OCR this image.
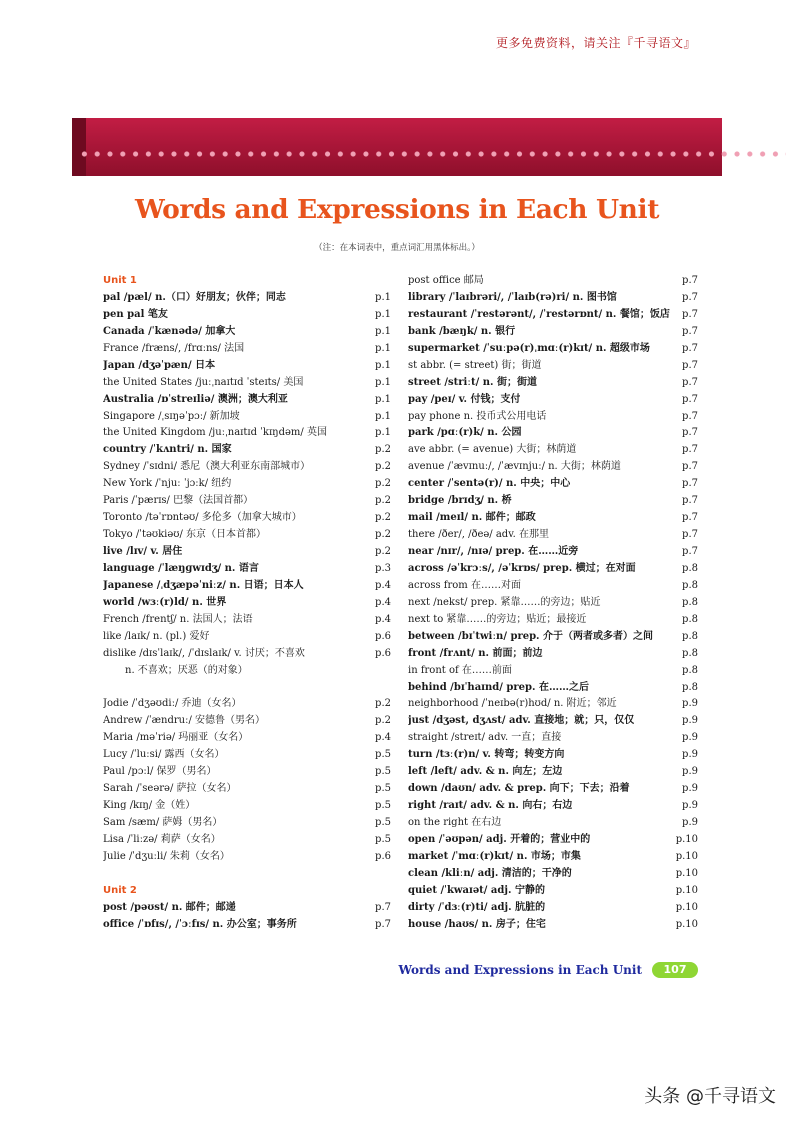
更多免费资料，请关注『千寻语文』
Words and Expressions in Each Unit
（注：在本词表中，重点词汇用黑体标出。）
Unit 1
pal /pæl/ n.（口）好朋友；伙伴；同志	p.1
pen pal 笔友	p.1
Canada /ˈkænədə/ 加拿大	p.1
France /fræns/, /frɑːns/ 法国	p.1
Japan /dʒəˈpæn/ 日本	p.1
the United States /juːˌnaɪtɪd ˈsteɪts/ 美国	p.1
Australia /ɒˈstreɪliə/ 澳洲；澳大利亚	p.1
Singapore /ˌsɪŋəˈpɔː/ 新加坡	p.1
the United Kingdom /juːˌnaɪtɪd ˈkɪŋdəm/ 英国	p.1
country /ˈkʌntri/ n. 国家	p.2
Sydney /ˈsɪdni/ 悉尼（澳大利亚东南部城市）	p.2
New York /ˈnjuː ˈjɔːk/ 纽约	p.2
Paris /ˈpærɪs/ 巴黎（法国首都）	p.2
Toronto /təˈrɒntəʊ/ 多伦多（加拿大城市）	p.2
Tokyo /ˈtəʊkiəʊ/ 东京（日本首都）	p.2
live /lɪv/ v. 居住	p.2
language /ˈlæŋɡwɪdʒ/ n. 语言	p.3
Japanese /ˌdʒæpəˈniːz/ n. 日语；日本人	p.4
world /wɜː(r)ld/ n. 世界	p.4
French /frentʃ/ n. 法国人；法语	p.4
like /laɪk/ n. (pl.) 爱好	p.6
dislike /dɪsˈlaɪk/, /ˈdɪslaɪk/ v. 讨厌；不喜欢	p.6
n. 不喜欢；厌恶（的对象）
Jodie /ˈdʒəʊdiː/ 乔迪（女名）	p.2
Andrew /ˈændruː/ 安德鲁（男名）	p.2
Maria /məˈriə/ 玛丽亚（女名）	p.4
Lucy /ˈluːsi/ 露西（女名）	p.5
Paul /pɔːl/ 保罗（男名）	p.5
Sarah /ˈseərə/ 萨拉（女名）	p.5
King /kɪŋ/ 金（姓）	p.5
Sam /sæm/ 萨姆（男名）	p.5
Lisa /ˈliːzə/ 莉萨（女名）	p.5
Julie /ˈdʒuːli/ 朱莉（女名）	p.6
Unit 2
post /pəʊst/ n. 邮件；邮递	p.7
office /ˈɒfɪs/, /ˈɔːfɪs/ n. 办公室；事务所	p.7
post office 邮局	p.7
library /ˈlaɪbrəri/, /ˈlaɪb(rə)ri/ n. 图书馆	p.7
restaurant /ˈrestərənt/, /ˈrestərɒnt/ n. 餐馆；饭店 p.7
bank /bæŋk/ n. 银行	p.7
supermarket /ˈsuːpə(r)ˌmɑː(r)kɪt/ n. 超级市场	p.7
st abbr. (= street) 街；街道	p.7
street /striːt/ n. 街；街道	p.7
pay /peɪ/ v. 付钱；支付	p.7
pay phone n. 投币式公用电话	p.7
park /pɑː(r)k/ n. 公园	p.7
ave abbr. (= avenue) 大街；林荫道	p.7
avenue /ˈævɪnuː/, /ˈævɪnjuː/ n. 大街；林荫道	p.7
center /ˈsentə(r)/ n. 中央；中心	p.7
bridge /brɪdʒ/ n. 桥	p.7
mail /meɪl/ n. 邮件；邮政	p.7
there /ðer/, /ðeə/ adv. 在那里	p.7
near /nɪr/, /nɪə/ prep. 在……近旁	p.7
across /əˈkrɔːs/, /əˈkrɒs/ prep. 横过；在对面	p.8
across from 在……对面	p.8
next /nekst/ prep. 紧靠……的旁边；贴近	p.8
next to 紧靠……的旁边；贴近；最接近	p.8
between /bɪˈtwiːn/ prep. 介于（两者或多者）之间	p.8
front /frʌnt/ n. 前面；前边	p.8
in front of 在……前面	p.8
behind /bɪˈhaɪnd/ prep. 在……之后	p.8
neighborhood /ˈneɪbə(r)hʊd/ n. 附近；邻近	p.9
just /dʒəst, dʒʌst/ adv. 直接地；就；只，仅仅	p.9
straight /streɪt/ adv. 一直；直接	p.9
turn /tɜː(r)n/ v. 转弯；转变方向	p.9
left /left/ adv. & n. 向左；左边	p.9
down /daʊn/ adv. & prep. 向下；下去；沿着	p.9
right /raɪt/ adv. & n. 向右；右边	p.9
on the right 在右边	p.9
open /ˈəʊpən/ adj. 开着的；营业中的	p.10
market /ˈmɑː(r)kɪt/ n. 市场；市集	p.10
clean /kliːn/ adj. 清洁的；干净的	p.10
quiet /ˈkwaɪət/ adj. 宁静的	p.10
dirty /ˈdɜː(r)ti/ adj. 肮脏的	p.10
house /haʊs/ n. 房子；住宅	p.10
Words and Expressions in Each Unit	107
头条 @千寻语文
